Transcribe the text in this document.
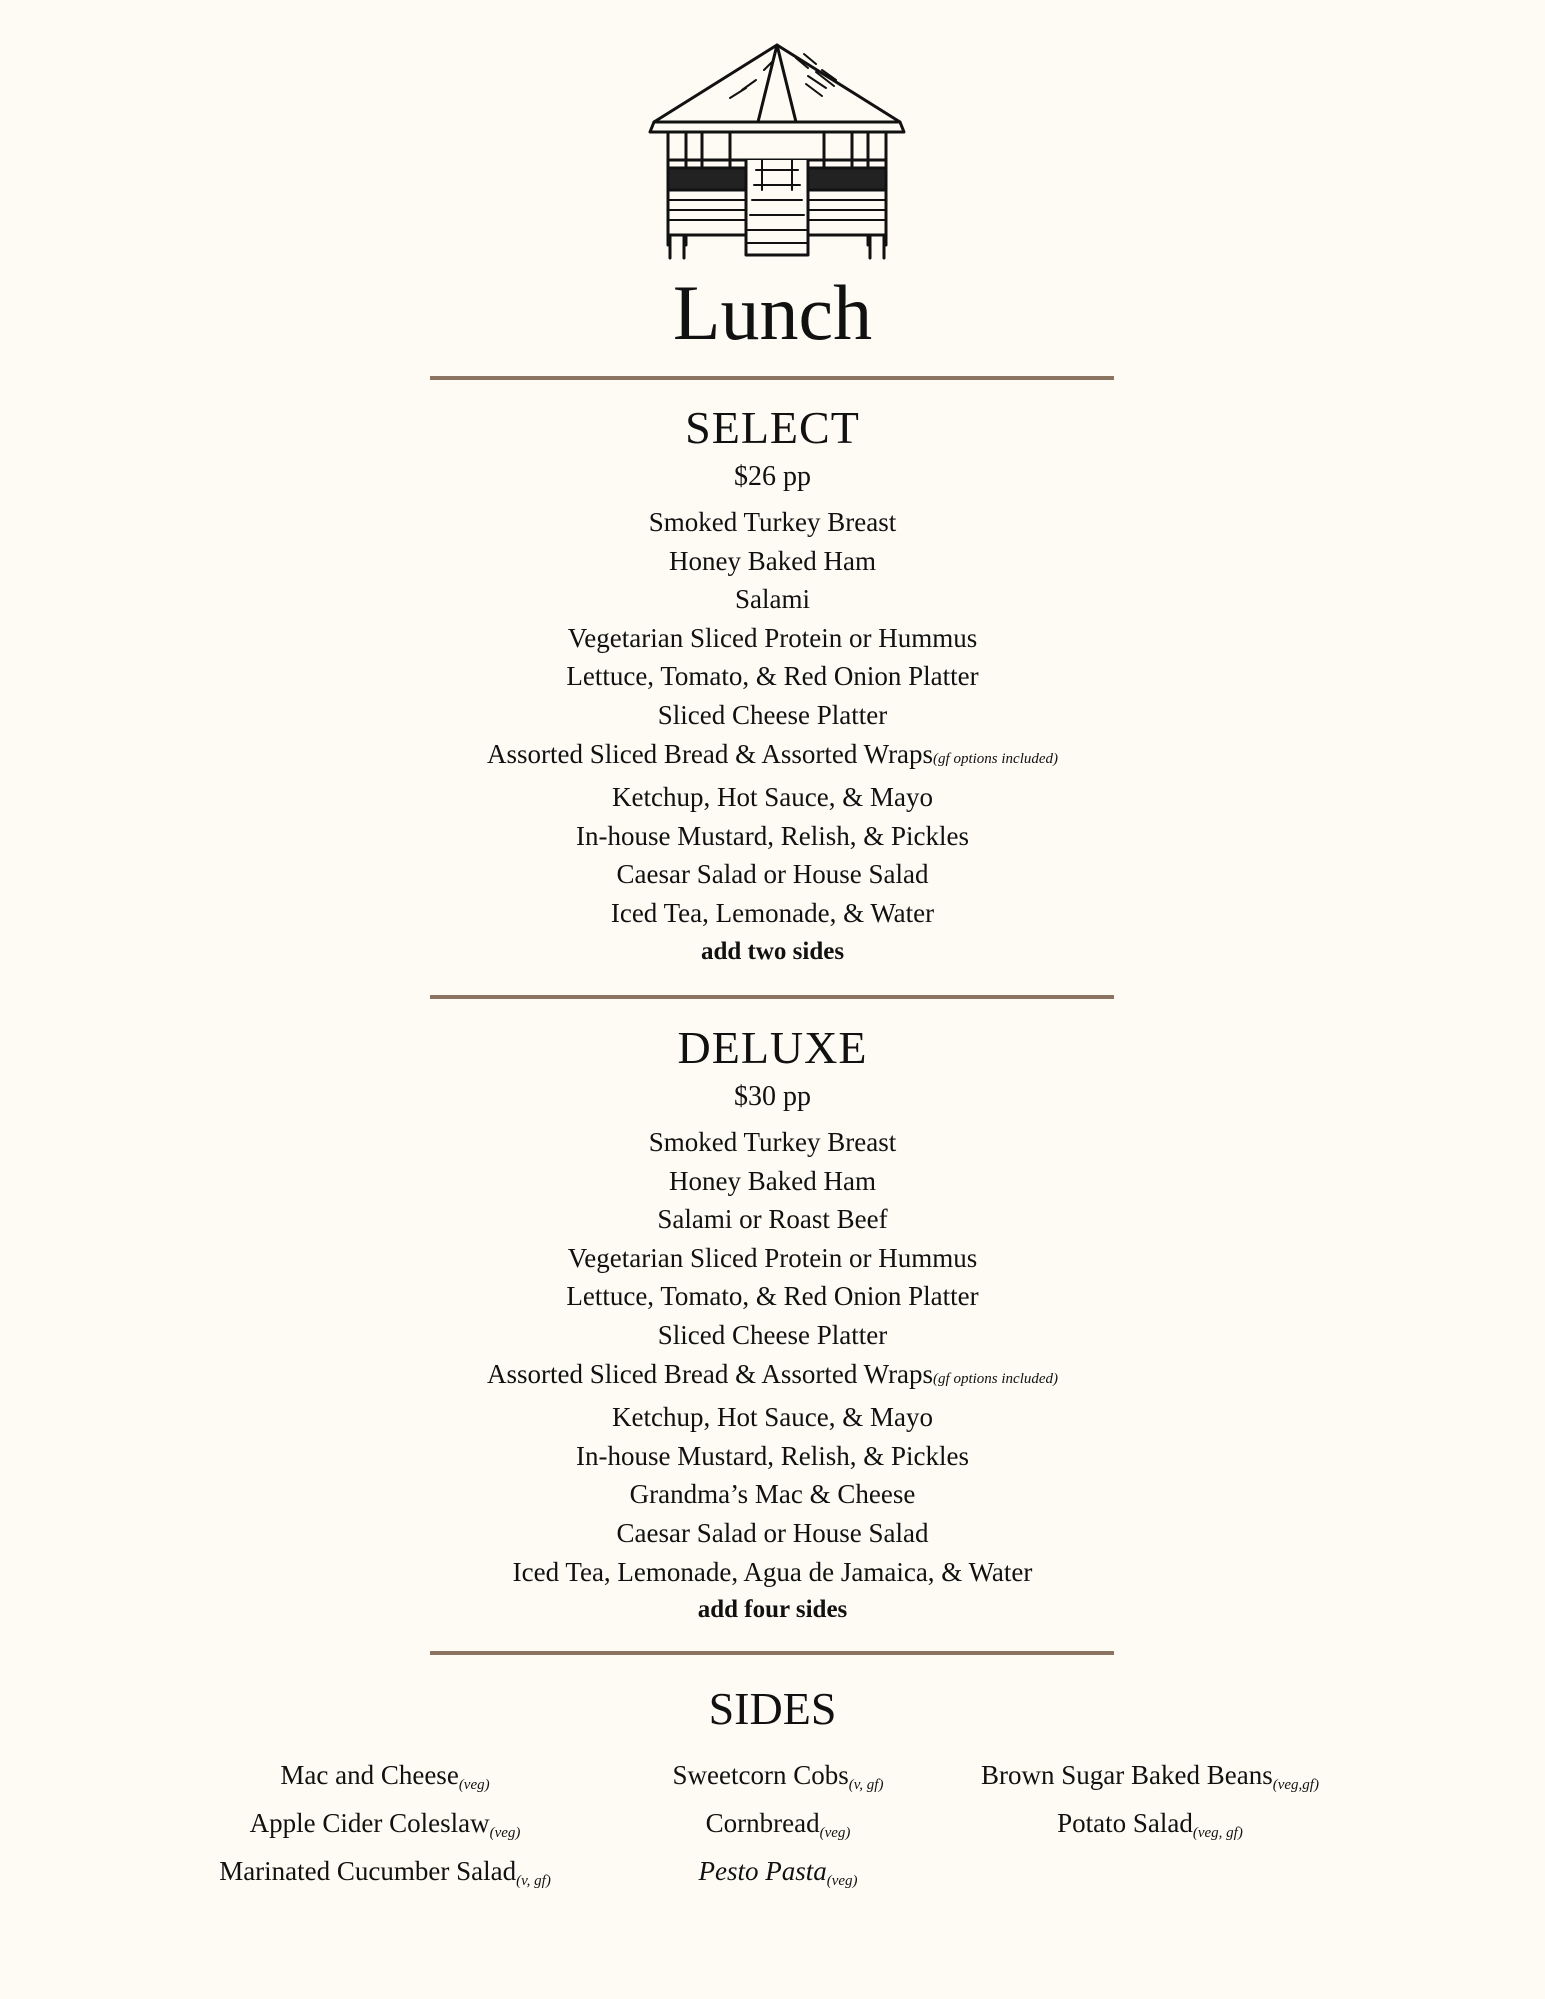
Lunch
SELECT
$26 pp
Smoked Turkey Breast
Honey Baked Ham
Salami
Vegetarian Sliced Protein or Hummus
Lettuce, Tomato, & Red Onion Platter
Sliced Cheese Platter
Assorted Sliced Bread & Assorted Wraps(gf options included)
Ketchup, Hot Sauce, & Mayo
In-house Mustard, Relish, & Pickles
Caesar Salad or House Salad
Iced Tea, Lemonade, & Water
add two sides
DELUXE
$30 pp
Smoked Turkey Breast
Honey Baked Ham
Salami or Roast Beef
Vegetarian Sliced Protein or Hummus
Lettuce, Tomato, & Red Onion Platter
Sliced Cheese Platter
Assorted Sliced Bread & Assorted Wraps(gf options included)
Ketchup, Hot Sauce, & Mayo
In-house Mustard, Relish, & Pickles
Grandma’s Mac & Cheese
Caesar Salad or House Salad
Iced Tea, Lemonade, Agua de Jamaica, & Water
add four sides
SIDES
Mac and Cheese(veg)
Apple Cider Coleslaw(veg)
Marinated Cucumber Salad(v, gf)
Sweetcorn Cobs(v, gf)
Cornbread(veg)
Pesto Pasta(veg)
Brown Sugar Baked Beans(veg,gf)
Potato Salad(veg, gf)
